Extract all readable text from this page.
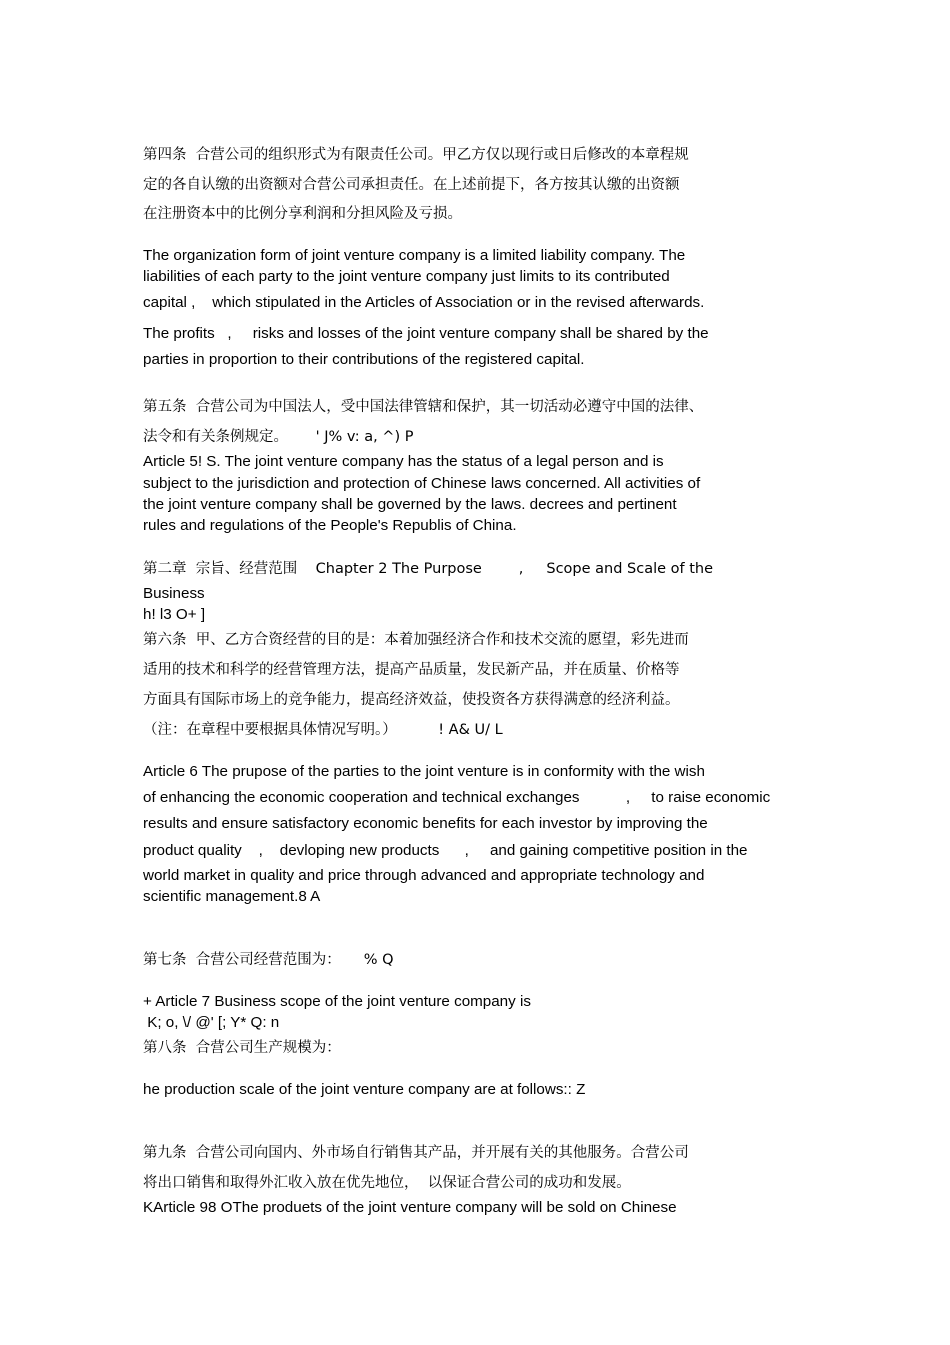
第四条  合营公司的组织形式为有限责任公司。甲乙方仅以现行或日后修改的本章程规
定的各自认缴的出资额对合营公司承担责任。在上述前提下，各方按其认缴的出资额
在注册资本中的比例分享利润和分担风险及亏损。
The organization form of joint venture company is a limited liability company. The
liabilities of each party to the joint venture company just limits to its contributed
capital ,    which stipulated in the Articles of Association or in the revised afterwards.
The profits   ,     risks and losses of the joint venture company shall be shared by the
parties in proportion to their contributions of the registered capital.
第五条  合营公司为中国法人，受中国法律管辖和保护，其一切活动必遵守中国的法律、
法令和有关条例规定。      ' J% v: a, ^) P
Article 5! S. The joint venture company has the status of a legal person and is
subject to the jurisdiction and protection of Chinese laws concerned. All activities of
the joint venture company shall be governed by the laws. decrees and pertinent
rules and regulations of the People's Republis of China.
第二章  宗旨、经营范围    Chapter 2 The Purpose        ,     Scope and Scale of the
Business
h! l3 O+ ]
第六条  甲、乙方合资经营的目的是：本着加强经济合作和技术交流的愿望，彩先进而
适用的技术和科学的经营管理方法，提高产品质量，发民新产品，并在质量、价格等
方面具有国际市场上的竞争能力，提高经济效益，使投资各方获得满意的经济利益。
（注：在章程中要根据具体情况写明。）         ! A& U/ L
Article 6 The prupose of the parties to the joint venture is in conformity with the wish
of enhancing the economic cooperation and technical exchanges           ,     to raise economic
results and ensure satisfactory economic benefits for each investor by improving the
product quality    ,    devloping new products      ,     and gaining competitive position in the
world market in quality and price through advanced and appropriate technology and
scientific management.8 A
第七条  合营公司经营范围为：     % Q
+ Article 7 Business scope of the joint venture company is
K; o, \/ @' [; Y* Q: n
第八条  合营公司生产规模为：
he production scale of the joint venture company are at follows:: Z
第九条  合营公司向国内、外市场自行销售其产品，并开展有关的其他服务。合营公司
将出口销售和取得外汇收入放在优先地位，  以保证合营公司的成功和发展。
KArticle 98 OThe produets of the joint venture company will be sold on Chinese
